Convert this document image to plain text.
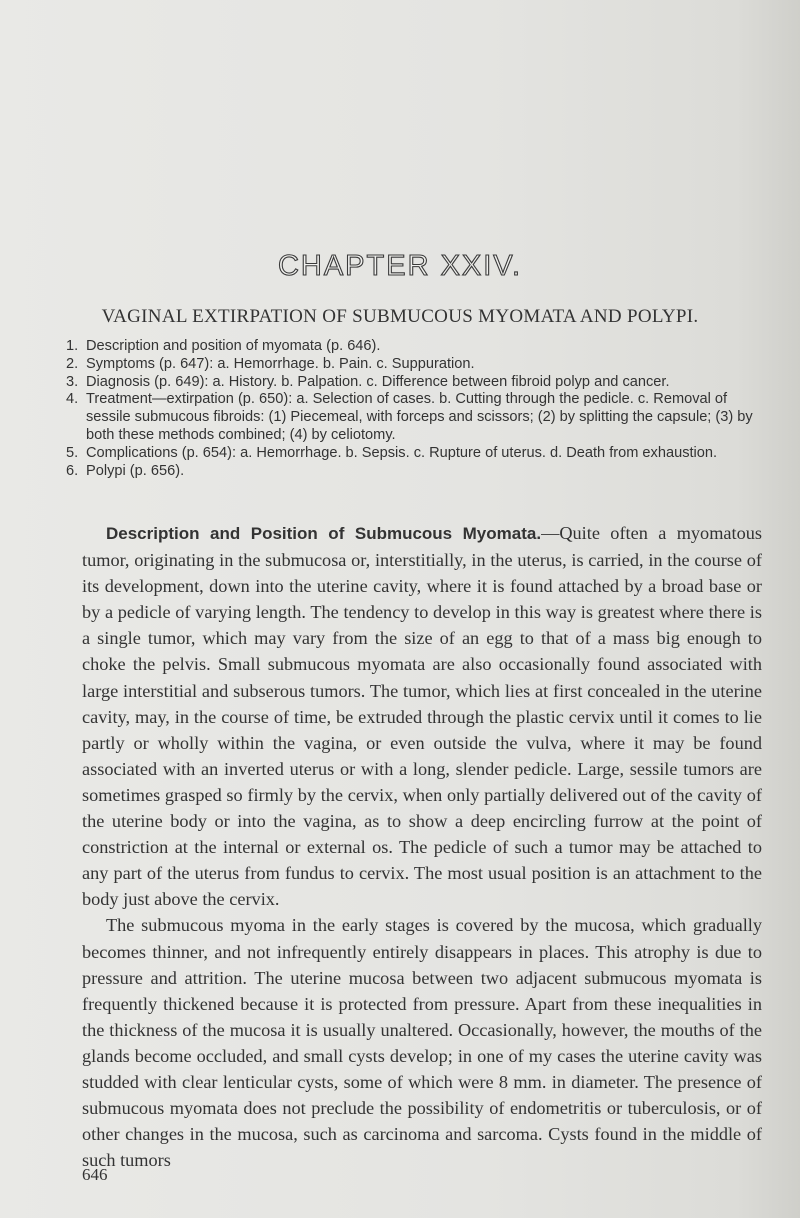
CHAPTER XXIV.
VAGINAL EXTIRPATION OF SUBMUCOUS MYOMATA AND POLYPI.
1. Description and position of myomata (p. 646).
2. Symptoms (p. 647): a. Hemorrhage. b. Pain. c. Suppuration.
3. Diagnosis (p. 649): a. History. b. Palpation. c. Difference between fibroid polyp and cancer.
4. Treatment—extirpation (p. 650): a. Selection of cases. b. Cutting through the pedicle. c. Removal of sessile submucous fibroids: (1) Piecemeal, with forceps and scissors; (2) by splitting the capsule; (3) by both these methods combined; (4) by celiotomy.
5. Complications (p. 654): a. Hemorrhage. b. Sepsis. c. Rupture of uterus. d. Death from exhaustion.
6. Polypi (p. 656).

Description and Position of Submucous Myomata.—Quite often a myomatous tumor, originating in the submucosa or, interstitially, in the uterus, is carried, in the course of its development, down into the uterine cavity, where it is found attached by a broad base or by a pedicle of varying length. The tendency to develop in this way is greatest where there is a single tumor, which may vary from the size of an egg to that of a mass big enough to choke the pelvis. Small submucous myomata are also occasionally found associated with large interstitial and subserous tumors. The tumor, which lies at first concealed in the uterine cavity, may, in the course of time, be extruded through the plastic cervix until it comes to lie partly or wholly within the vagina, or even outside the vulva, where it may be found associated with an inverted uterus or with a long, slender pedicle. Large, sessile tumors are sometimes grasped so firmly by the cervix, when only partially delivered out of the cavity of the uterine body or into the vagina, as to show a deep encircling furrow at the point of constriction at the internal or external os. The pedicle of such a tumor may be attached to any part of the uterus from fundus to cervix. The most usual position is an attachment to the body just above the cervix.

The submucous myoma in the early stages is covered by the mucosa, which gradually becomes thinner, and not infrequently entirely disappears in places. This atrophy is due to pressure and attrition. The uterine mucosa between two adjacent submucous myomata is frequently thickened because it is protected from pressure. Apart from these inequalities in the thickness of the mucosa it is usually unaltered. Occasionally, however, the mouths of the glands become occluded, and small cysts develop; in one of my cases the uterine cavity was studded with clear lenticular cysts, some of which were 8 mm. in diameter. The presence of submucous myomata does not preclude the possibility of endometritis or tuberculosis, or of other changes in the mucosa, such as carcinoma and sarcoma. Cysts found in the middle of such tumors

646
